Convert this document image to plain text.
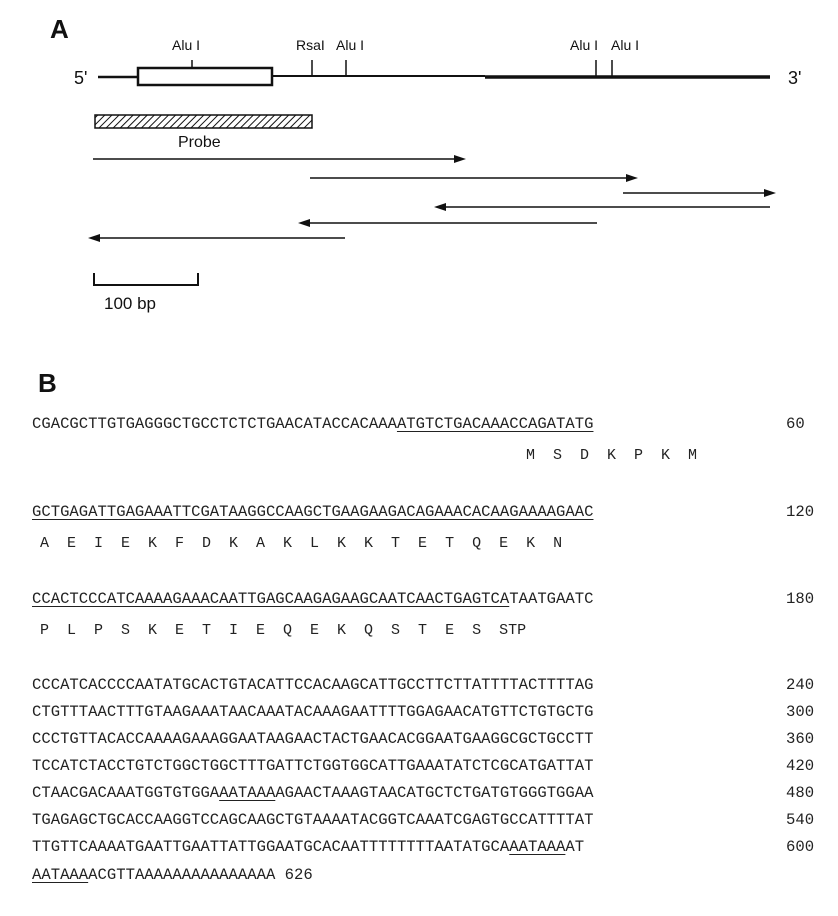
A
5'	3'
Alu I	RsaI Alu I	Alu I Alu I
Probe
100 bp
B
CGACGCTTGTGAGGGCTGCCTCTCTGAACATACCACAAAATGTCTGACAAACCAGATATG	60
M  S  D  K  P  K  M
GCTGAGATTGAGAAATTCGATAAGGCCAAGCTGAAGAAGACAGAAACACAAGAAAAGAAC	120
A  E  I  E  K  F  D  K  A  K  L  K  K  T  E  T  Q  E  K  N
CCACTCCCATCAAAAGAAACAATTGAGCAAGAGAAGCAATCAACTGAGTCATAATGAATC	180
P  L  P  S  K  E  T  I  E  Q  E  K  Q  S  T  E  S  STP
CCCATCACCCCAATATGCACTGTACATTCCACAAGCATTGCCTTCTTATTTTACTTTTAG	240
CTGTTTAACTTTGTAAGAAATAACAAATACAAAGAATTTTGGAGAACATGTTCTGTGCTG	300
CCCTGTTACACCAAAAGAAAGGAATAAGAACTACTGAACACGGAATGAAGGCGCTGCCTT	360
TCCATCTACCTGTCTGGCTGGCTTTGATTCTGGTGGCATTGAAATATCTCGCATGATTAT	420
CTAACGACAAATGGTGTGGAAATAAAAGAACTAAAGTAACATGCTCTGATGTGGGTGGAA	480
TGAGAGCTGCACCAAGGTCCAGCAAGCTGTAAAATACGGTCAAATCGAGTGCCATTTTAT	540
TTGTTCAAAATGAATTGAATTATTGGAATGCACAATTTTTTTTAATATGCAAATAAAAT	600
AATAAAACGTTAAAAAAAAAAAAAAA 626
